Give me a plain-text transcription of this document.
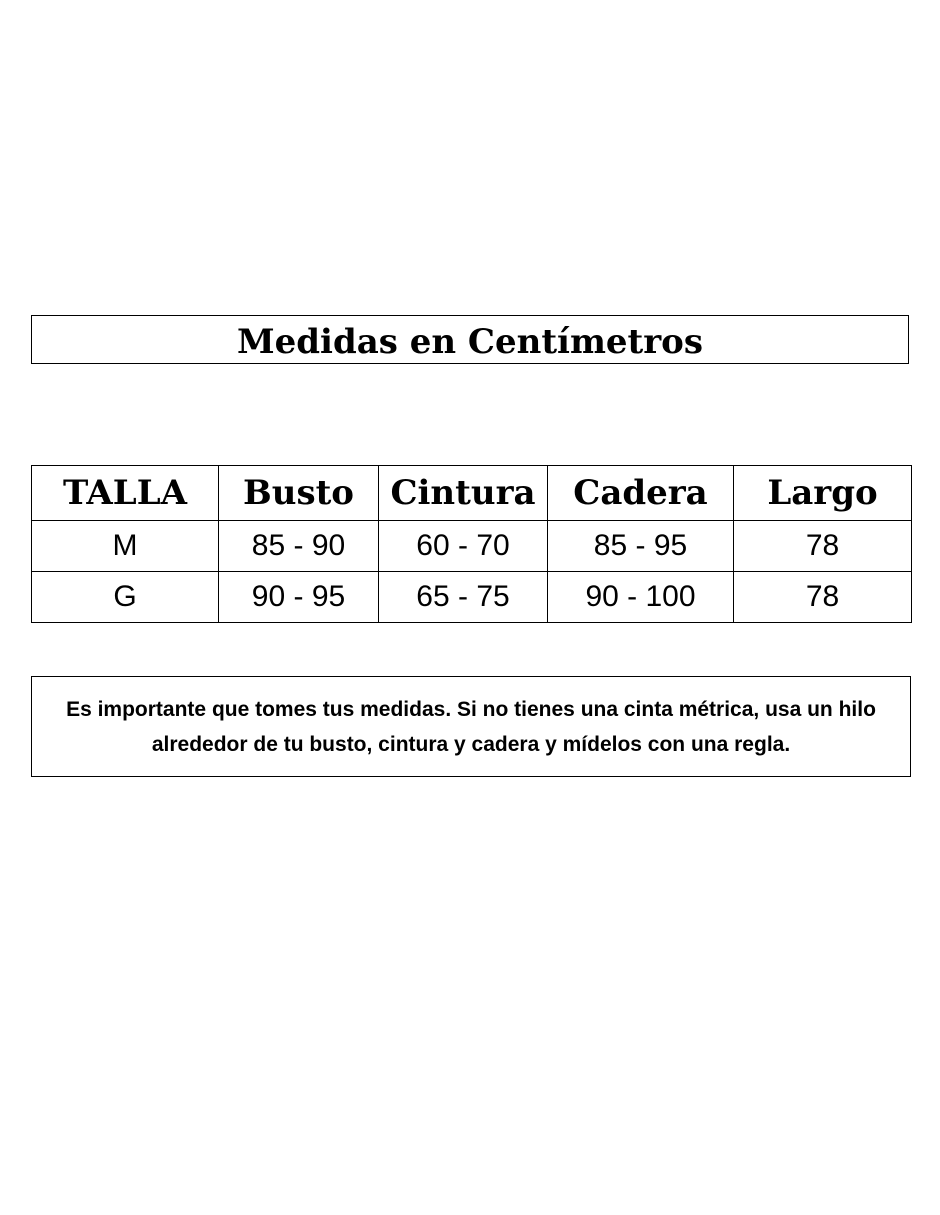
Medidas en Centímetros
TALLA	Busto	Cintura	Cadera	Largo
M	85 - 90	60 - 70	85 - 95	78
G	90 - 95	65 - 75	90 - 100	78
Es importante que tomes tus medidas. Si no tienes una cinta métrica, usa un hilo alrededor de tu busto, cintura y cadera y mídelos con una regla.
